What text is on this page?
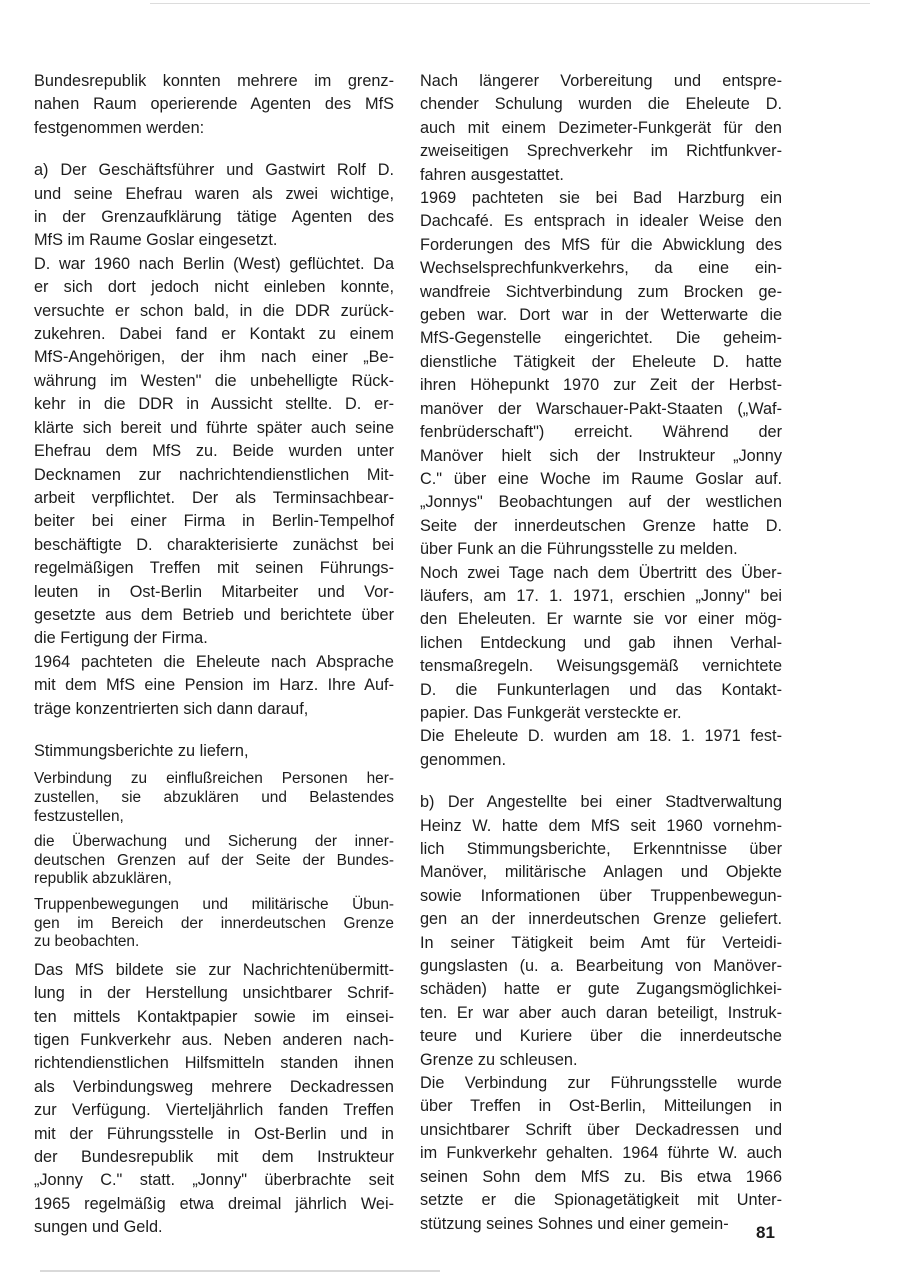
Bundesrepublik konnten mehrere im grenz-
nahen Raum operierende Agenten des MfS
festgenommen werden:
a) Der Geschäftsführer und Gastwirt Rolf D.
und seine Ehefrau waren als zwei wichtige,
in der Grenzaufklärung tätige Agenten des
MfS im Raume Goslar eingesetzt.
D. war 1960 nach Berlin (West) geflüchtet. Da
er sich dort jedoch nicht einleben konnte,
versuchte er schon bald, in die DDR zurück-
zukehren. Dabei fand er Kontakt zu einem
MfS-Angehörigen, der ihm nach einer „Be-
währung im Westen" die unbehelligte Rück-
kehr in die DDR in Aussicht stellte. D. er-
klärte sich bereit und führte später auch seine
Ehefrau dem MfS zu. Beide wurden unter
Decknamen zur nachrichtendienstlichen Mit-
arbeit verpflichtet. Der als Terminsachbear-
beiter bei einer Firma in Berlin-Tempelhof
beschäftigte D. charakterisierte zunächst bei
regelmäßigen Treffen mit seinen Führungs-
leuten in Ost-Berlin Mitarbeiter und Vor-
gesetzte aus dem Betrieb und berichtete über
die Fertigung der Firma.
1964 pachteten die Eheleute nach Absprache
mit dem MfS eine Pension im Harz. Ihre Auf-
träge konzentrierten sich dann darauf,
Stimmungsberichte zu liefern,
Verbindung zu einflußreichen Personen her-
zustellen, sie abzuklären und Belastendes
festzustellen,
die Überwachung und Sicherung der inner-
deutschen Grenzen auf der Seite der Bundes-
republik abzuklären,
Truppenbewegungen und militärische Übun-
gen im Bereich der innerdeutschen Grenze
zu beobachten.
Das MfS bildete sie zur Nachrichtenübermitt-
lung in der Herstellung unsichtbarer Schrif-
ten mittels Kontaktpapier sowie im einsei-
tigen Funkverkehr aus. Neben anderen nach-
richtendienstlichen Hilfsmitteln standen ihnen
als Verbindungsweg mehrere Deckadressen
zur Verfügung. Vierteljährlich fanden Treffen
mit der Führungsstelle in Ost-Berlin und in
der Bundesrepublik mit dem Instrukteur
„Jonny C." statt. „Jonny" überbrachte seit
1965 regelmäßig etwa dreimal jährlich Wei-
sungen und Geld.
Nach längerer Vorbereitung und entspre-
chender Schulung wurden die Eheleute D.
auch mit einem Dezimeter-Funkgerät für den
zweiseitigen Sprechverkehr im Richtfunkver-
fahren ausgestattet.
1969 pachteten sie bei Bad Harzburg ein
Dachcafé. Es entsprach in idealer Weise den
Forderungen des MfS für die Abwicklung des
Wechselsprechfunkverkehrs, da eine ein-
wandfreie Sichtverbindung zum Brocken ge-
geben war. Dort war in der Wetterwarte die
MfS-Gegenstelle eingerichtet. Die geheim-
dienstliche Tätigkeit der Eheleute D. hatte
ihren Höhepunkt 1970 zur Zeit der Herbst-
manöver der Warschauer-Pakt-Staaten („Waf-
fenbrüderschaft") erreicht. Während der
Manöver hielt sich der Instrukteur „Jonny
C." über eine Woche im Raume Goslar auf.
„Jonnys" Beobachtungen auf der westlichen
Seite der innerdeutschen Grenze hatte D.
über Funk an die Führungsstelle zu melden.
Noch zwei Tage nach dem Übertritt des Über-
läufers, am 17. 1. 1971, erschien „Jonny" bei
den Eheleuten. Er warnte sie vor einer mög-
lichen Entdeckung und gab ihnen Verhal-
tensmaßregeln. Weisungsgemäß vernichtete
D. die Funkunterlagen und das Kontakt-
papier. Das Funkgerät versteckte er.
Die Eheleute D. wurden am 18. 1. 1971 fest-
genommen.
b) Der Angestellte bei einer Stadtverwaltung
Heinz W. hatte dem MfS seit 1960 vornehm-
lich Stimmungsberichte, Erkenntnisse über
Manöver, militärische Anlagen und Objekte
sowie Informationen über Truppenbewegun-
gen an der innerdeutschen Grenze geliefert.
In seiner Tätigkeit beim Amt für Verteidi-
gungslasten (u. a. Bearbeitung von Manöver-
schäden) hatte er gute Zugangsmöglichkei-
ten. Er war aber auch daran beteiligt, Instruk-
teure und Kuriere über die innerdeutsche
Grenze zu schleusen.
Die Verbindung zur Führungsstelle wurde
über Treffen in Ost-Berlin, Mitteilungen in
unsichtbarer Schrift über Deckadressen und
im Funkverkehr gehalten. 1964 führte W. auch
seinen Sohn dem MfS zu. Bis etwa 1966
setzte er die Spionagetätigkeit mit Unter-
stützung seines Sohnes und einer gemein-	81
